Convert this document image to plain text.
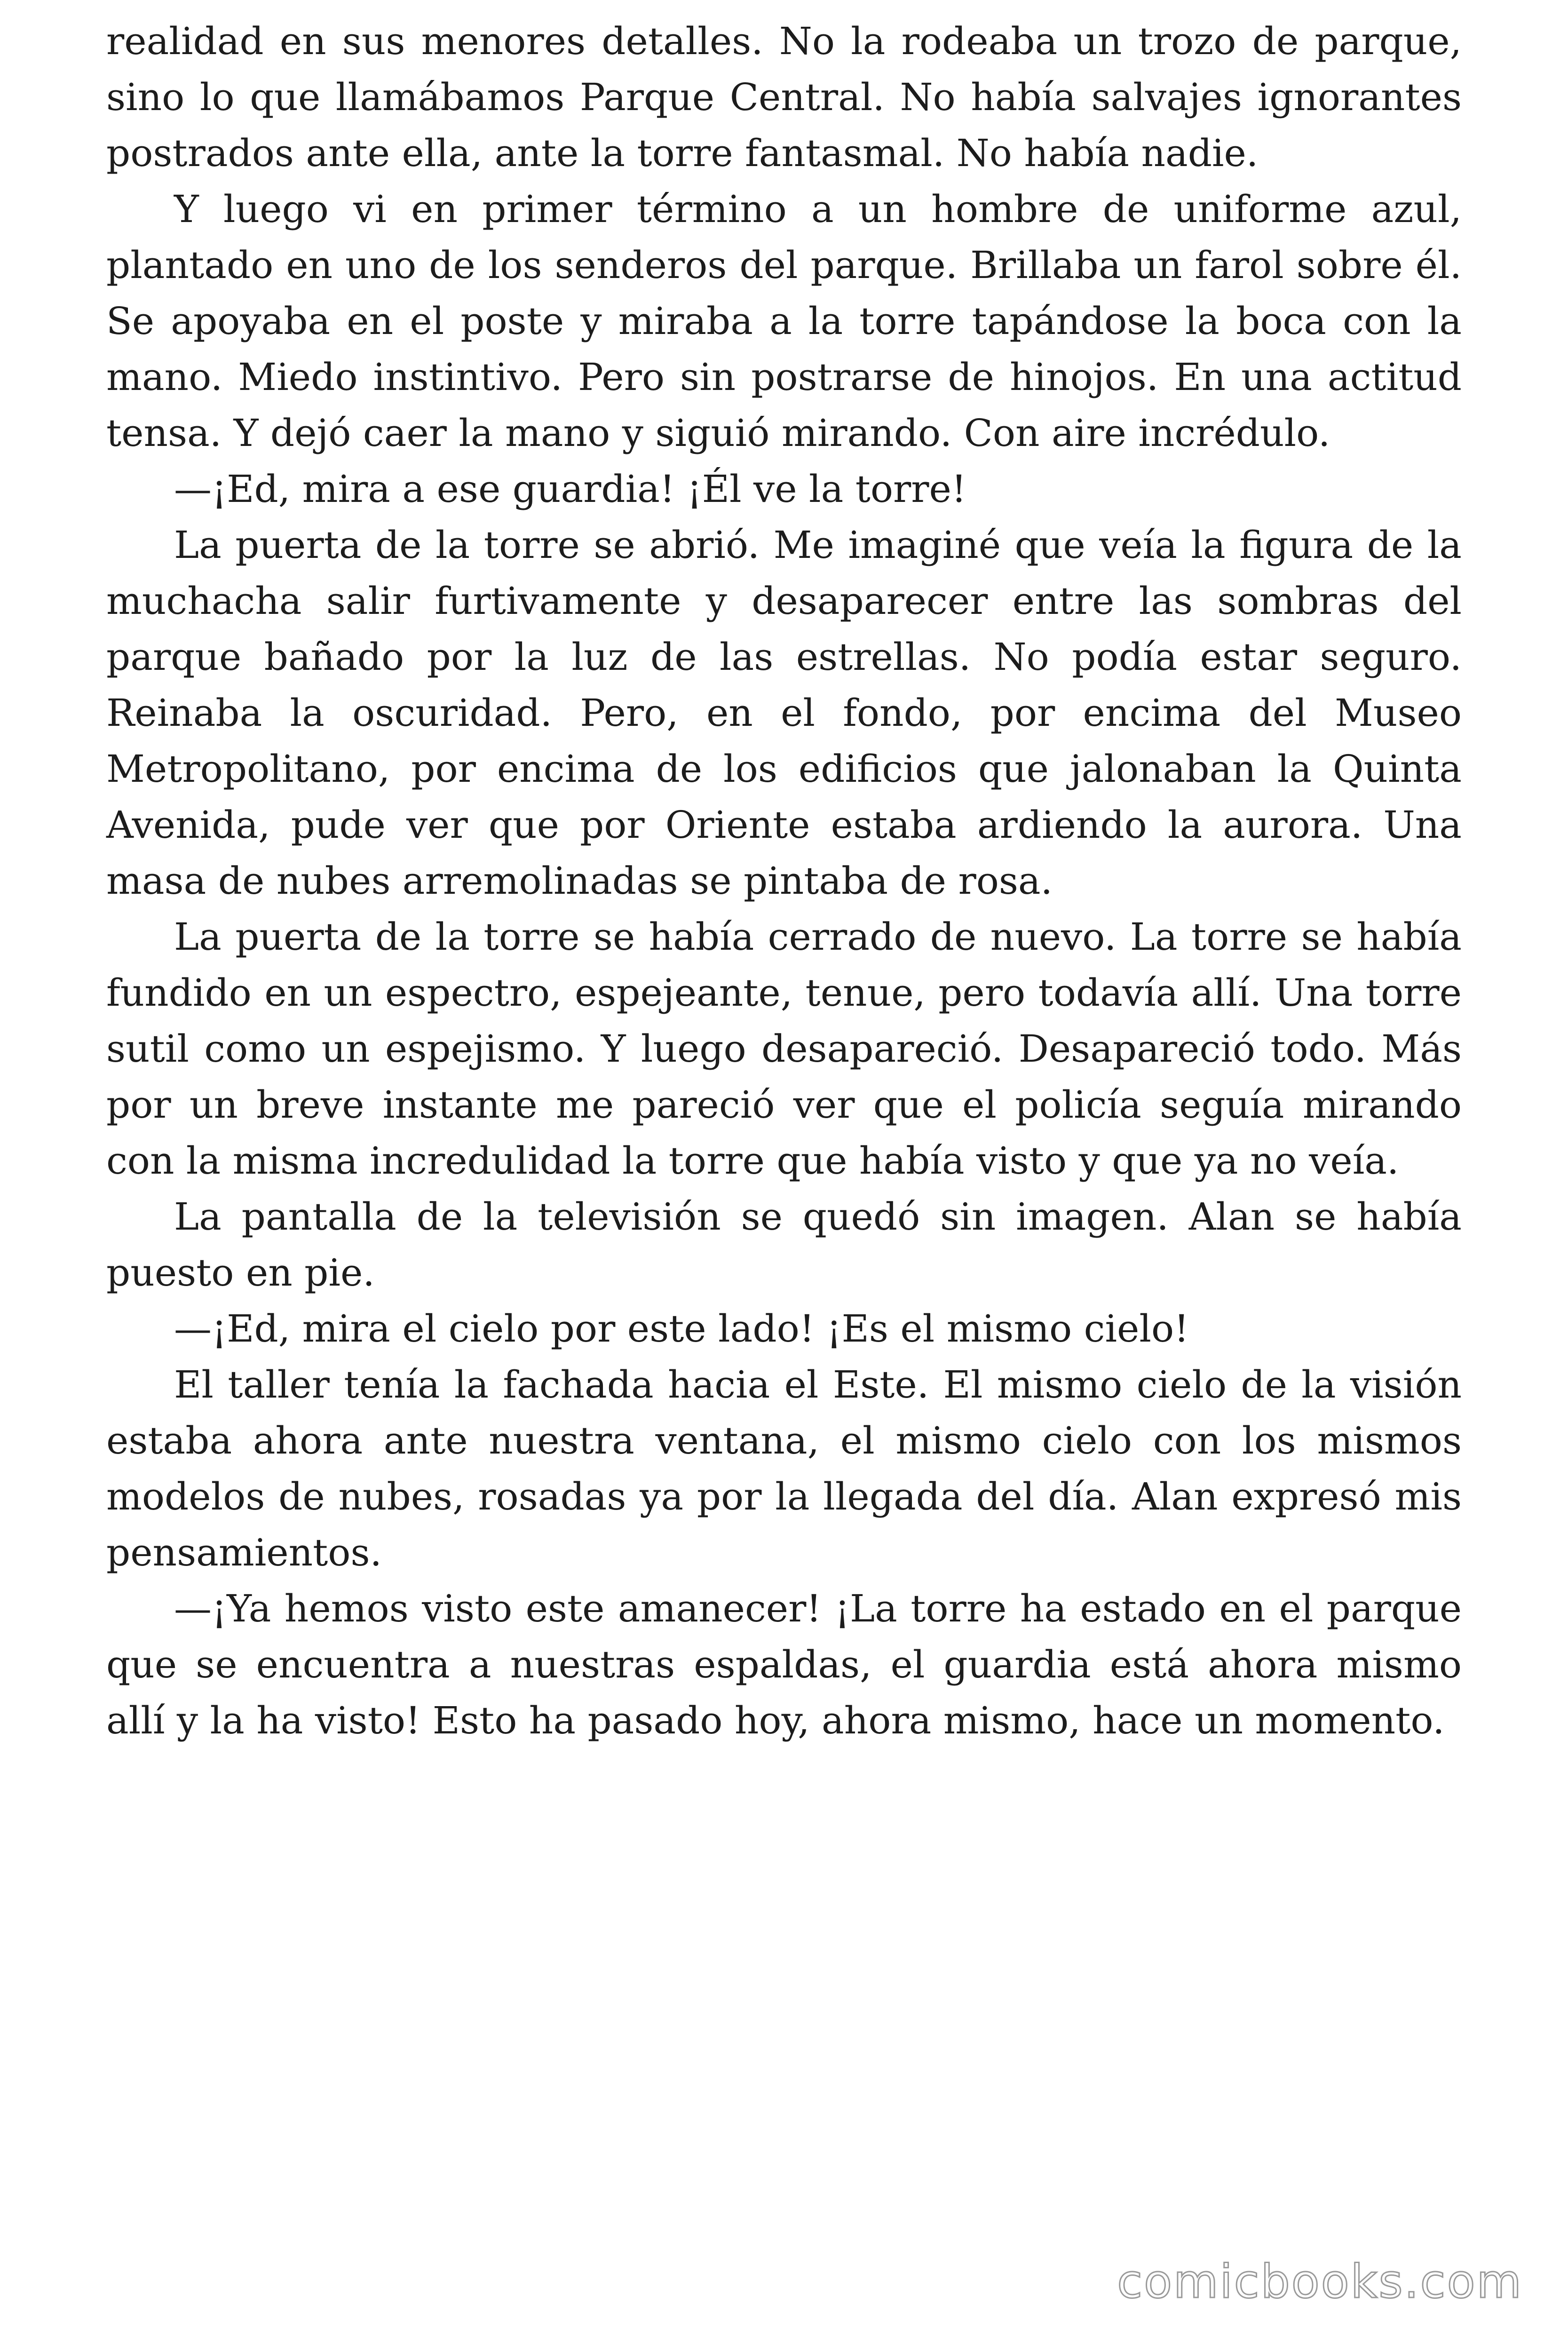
realidad en sus menores detalles. No la rodeaba un trozo de parque, sino lo que llamábamos Parque Central. No había salvajes ignorantes postrados ante ella, ante la torre fantasmal. No había nadie.

Y luego vi en primer término a un hombre de uniforme azul, plantado en uno de los senderos del parque. Brillaba un farol sobre él. Se apoyaba en el poste y miraba a la torre tapándose la boca con la mano. Miedo instintivo. Pero sin postrarse de hinojos. En una actitud tensa. Y dejó caer la mano y siguió mirando. Con aire incrédulo.

—¡Ed, mira a ese guardia! ¡Él ve la torre!

La puerta de la torre se abrió. Me imaginé que veía la figura de la muchacha salir furtivamente y desaparecer entre las sombras del parque bañado por la luz de las estrellas. No podía estar seguro. Reinaba la oscuridad. Pero, en el fondo, por encima del Museo Metropolitano, por encima de los edificios que jalonaban la Quinta Avenida, pude ver que por Oriente estaba ardiendo la aurora. Una masa de nubes arremolinadas se pintaba de rosa.

La puerta de la torre se había cerrado de nuevo. La torre se había fundido en un espectro, espejeante, tenue, pero todavía allí. Una torre sutil como un espejismo. Y luego desapareció. Desapareció todo. Más por un breve instante me pareció ver que el policía seguía mirando con la misma incredulidad la torre que había visto y que ya no veía.

La pantalla de la televisión se quedó sin imagen. Alan se había puesto en pie.

—¡Ed, mira el cielo por este lado! ¡Es el mismo cielo!

El taller tenía la fachada hacia el Este. El mismo cielo de la visión estaba ahora ante nuestra ventana, el mismo cielo con los mismos modelos de nubes, rosadas ya por la llegada del día. Alan expresó mis pensamientos.

—¡Ya hemos visto este amanecer! ¡La torre ha estado en el parque que se encuentra a nuestras espaldas, el guardia está ahora mismo allí y la ha visto! Esto ha pasado hoy, ahora mismo, hace un momento.

comicbooks.com
